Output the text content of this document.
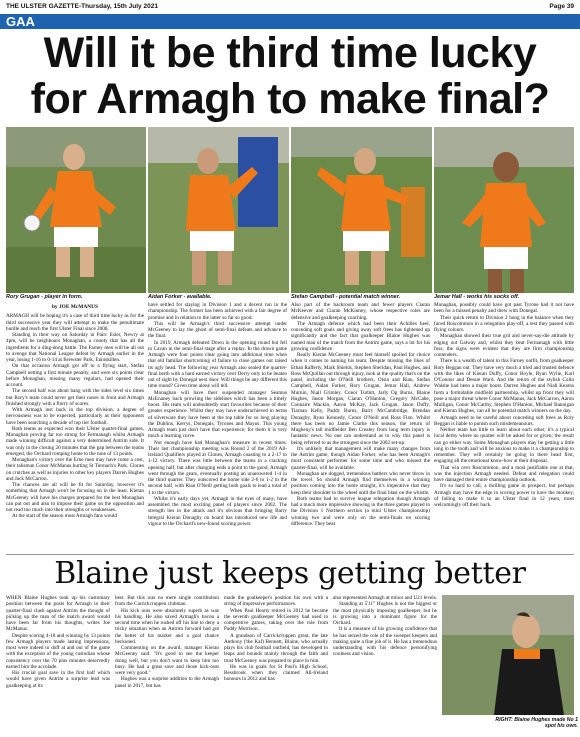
THE ULSTER GAZETTE-Thursday, 15th July 2021	Page 39
GAA
Will it be third time lucky
for Armagh to make final?
Rory Grugan - player in form.	Aidan Forker - available.	Stefan Campbell - potential match winner.	Jemar Hall - works his socks off.
by JOE McMANUS

ARMAGH will be hoping it's a case of third time lucky as for the third successive year they will attempt to make the penultimate hurdle and reach the first Ulster Final since 2008.

Standing in their way on Saturday in Pairc Esler, Newry at 4pm, will be neighbours Monaghan, a county that has all the ingredients for a ding-dong battle. The Farney men will be all out to avenge that National League defeat by Armagh earlier in the year, losing 1-16 to 0-14 at Brewster Park, Enniskillen.

On that occasion Armagh got off to a flying start, Stefan Campbell netting a first minute penalty, and were six points clear before Monaghan, missing many regulars, had opened their account.

The second half was about bang with the sides level six times but Rory's team could never get their noses in front and Armagh finished strongly with a flurry of scores.

With Armagh inst back in the top division, a degree of nervousness was to be expected, particularly as their opponents have been searching a decade of top tier football.

Both teams as expected won their Ulster quarter-final games, Monaghan proving far too strong for Fermanagh whilst Armagh made winning difficult against a very determined Antrim side. It was only in the closing 20 minutes that the gap between the teams emerged, the Orchard romping home to the tune of 13 points.

Monaghan's victory over the Erne men may have come a cost, their talisman Conor McManus hurting St Tiernach's Park. Clones on crutches as well as injuries to other key players Darren Hughes and Jack McCarron.

The chances are all will be fit for Saturday, however it's something that Armagh won't be focusing on in the least. Kieran McGeeney will have his charges prepared for the best Monaghan can put out and also to impose their game on the opposition and not read too much into their strengths or weaknesses.

At the start of the season most Armagh fans would

have settled for staying in Division 1 and a decent run in the championship. The former has been achieved with a fair degree of promise and in relation to the latter so far so good.

This will be Armagh's third successive attempt under McGeeney to lay the ghost of semi-final defeats and advance to the final.

In 2019, Armagh defeated Down in the opening round but fell to Cavan in the semi-final stage after a replay. In the drawn game Armagh were four points clear going into additional time when that old familiar shortcoming of failure to close games out raised its ugly head. The following year Armagh also sealed the quarter-final berth with a hard earned victory over Derry only to be beaten out of sight by Donegal next door. Will things be any different this time round? Given time alone will tell.

Monaghan will have their suspended manager Seamus McEnaney back prowling the sidelines which has been a timely boost. His team will undoubtedly start favourites because of their greater experience. Whilst they may have underachieved in terms of silverware they have been at the top table for so long playing the Dublins, Kerrys, Donegals, Tyrones and Mayos. This young Armagh team just don't have that experience; for them it is very much a learning curve.

Not enough have had Monaghan's measure in recent times. Their last championship meeting was Round 2 of the 2019 All-Ireland Qualifiers played at Clones, Armagh coasting to a 2-17 to 1-12 victory. There was little between the teams in a cracking opening half, but after changing ends a point to the good, Armagh went through the gears, eventually posting an unanswered 1-4 in the third quarter. They outscored the home side 2-6 to 1-2 in the second half, with Rian O'Neill getting both goals to lead a total of 1 to the victors.

Whilst it's early days yet, Armagh in the eyes of many, have assembled the most exciting panel of players since 2002. The strength lies in the attack and it's obvious that bringing Barry Integral Kieran Donaghy on board has introduced new life and vigour to the Orchard's new-found scoring power.

Also part of the backroom team and fewer players Ciaran McKeever and Ciaran McKinney, whose respective roles are defensive and goalkeeping coaching.

The Armagh defence which had been their Achilles heel, conceding soft goals and giving away soft frees has tightened up significantly and the fact that goalkeeper Blaine Hughes was named man of the match from the Antrim game, says a lot for his growing confidence.

Really Kieran McGeeney must feel himself spoiled for choice when it comes to naming his team. Despite missing the likes of Ethan Rafferty, Mark Shields, Stephen Sheridan, Paul Hughes, and Ross McQuillan out through injury, look at the quality that's on the panel, including the O'Neill brothers, Oisin and Rian, Stefan Campbell, Aidan Forker, Rory Grugan, Jemar Hall, Andrew Murnin, Niall Grimley, Conor Turbitt, Jarly Og Burns, Blaine Hughes, Jason Morgan, Ciaran O'Hanlon, Gregory McCabe, Connaire Mackin, Aaron McKay, Jack Grugan, Jason Duffy, Tiarnan Kelly, Paddy Burns, Barry McCambridge, Brendan Donaghy, Ryan Kennedy, Conor O'Neill and Ross Finn. Whilst there has been no Jamie Clarke this season, the return of Mugheny's tall midfielder Ben Crealey from long term injury is fantastic news. No one can understand as to why this panel is being referred to as the strongest since the 2002 set-up.

It's unlikely that management will make many changes from the Antrim game, though Aidan Forker, who has been Armagh's most consistent performer for some time and who missed the quarter-final, will be available.

Monaghan are dogged, tremendous battlers who never throw in the towel. So should Armagh find themselves in a winning position coming into the home straight, it's imperative that they keep their shoulder to the wheel until the final blast on the whistle.

Both teams had to survive league relegation though Armagh had a much more impressive showing in the three games played in the Division 1 Northern section (a mini Ulster championship) winning two and were only on the semi-finals on scoring difference. They beat

Monaghan, possibly could have got past Tyrone had it not have been for a missed penalty and drew with Donegal.

Their quick return to Division 2 hung in the balance when they faced Roscommon in a relegation play-off, a test they passed with flying colours.

Monaghan showed their true grit and never-say-die attitude by edging out Galway and, whilst they beat Fermanagh with little fuss, the signs were evident that they are firm championship contenders.

There is a wealth of talent in this Farney outfit, from goalkeeper Rory Beggan out. They have very much a tried and trusted defence with the likes of Kieran Duffy, Conor Boyle, Ryan Wylie, Karl O'Connor and Dessie Ward. And the return of the stylish Colin Walshe had been a major boost. Darren Hughes and Niall Kearns form a formidable midfield partnership, whilst up front they will pose a major threat where Conor McManus, Jack McCarron, Aaron Mulligan, Conor McCarthy, Stephen O'Hanlon, Michael Bannigan and Kieran Hughes, can all be potential match winners on the day.

Armagh need to be careful about conceding soft frees as Rory Beggan is liable to punish such misdemeanours.

Neither team has little to learn about each other, it's a typical local derby where no quarter will be asked for or given; the result can go either way. Some Monaghan players may be getting a little long in the tooth and will be anxious to make it a championship to remember. They will certainly be going in there head first, engaging all the emotional know-how at their disposal.

That win over Roscommon, and a most justifiable one at that, was the injection Armagh needed. Defeat and relegation could have damaged their entire championship outlook.

It's so hard to call, a thrilling game in prospect, but perhaps Armagh may have the edge in scoring power to have the monkey, of failing to make it to an Ulster final in 12 years, most welcomingly off their back.

Blaine just keeps getting better

WHEN Blaine Hughes took up his customary position between the posts for Armagh in their quarter-final clash against Antrim the thought of picking up the man of the match award would have been far from his thoughts, writes Joe McManus.

Despite scoring 4-18 and winning by 13 points few Armagh players made lasting impressions, most were indeed to doff at and out of the game with the exception of the young custodian whose consistency over the 70 plus minutes deservedly earned him the accolade.

His crucial goal save in the first half which would have given Antrim a surprise lead was goalkeeping at its

best. But this was no mere single contribution from the Carrickcruppen clubman.

His kick outs were absolutely superb as was his handling. He also saved Armagh's bacon a second time when he rushed off his line to deny a tricky situation when an Antrim forward had got the better of his marker and a goal chance beckoned.

Commenting on the award, manager Kieran McGeeney said: "It's good to see the keeper doing well, but you don't want to keep him too busy. He had a great save and those kick-outs were very good."

Hughes was a surprise addition to the Armagh panel in 2017, but has

made the goalkeeper's position his own with a string of impressive performances.

When Paul Hearty retired in 2012 he became the seventh goalkeeper McGeeney had used in competitive games, taking over the role from Paddy Morrison.

A grandson of Carrickcruppen great, the late Anthony ('the Kaf) Bennett, Blaine, who actually plays his club football outfield, has developed in leaps and bounds mainly through the faith and trust McGeeney was prepared to place in him.

He was in goals for St Paul's High School, Bessbrook when they claimed All-Ireland honours in 2012 and has

also represented Armagh at minor and U21 levels.

Standing at 5'11" Hughes is not the biggest or the most physically imposing goalkeeper, but he is growing into a dominant figure for the Orchard.

It is a measure of his growing confidence that he has seized the role of the sweeper keepers and making quite a fine job of it. He has a tremendous understanding with his defence personifying coolness and vision.

RIGHT: Blaine Hughes made No 1 spot his own.
